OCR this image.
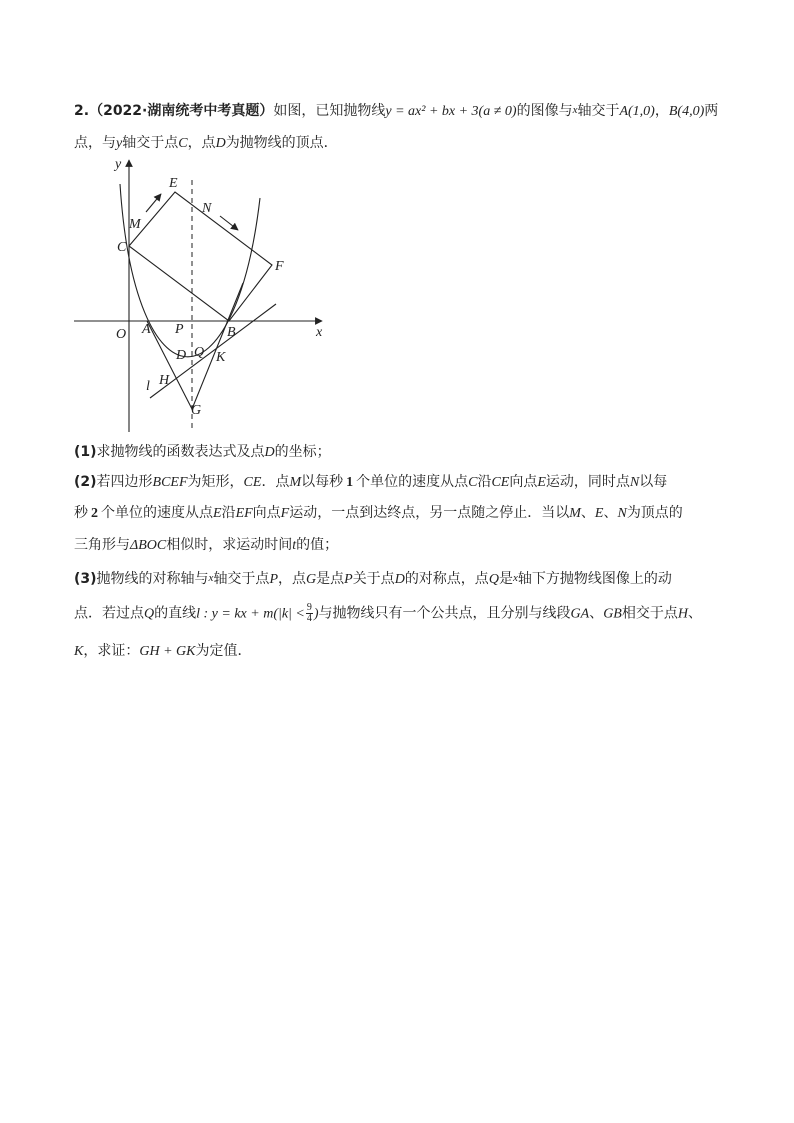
2.（2022·湖南统考中考真题）如图，已知抛物线y = ax² + bx + 3(a ≠ 0)的图像与x轴交于A(1,0)，B(4,0)两
点，与y轴交于点C，点D为抛物线的顶点．
y
x
O A P	B
C
M
E
N
F
D Q K
H
l
G
(1)求抛物线的函数表达式及点D的坐标；
(2)若四边形BCEF为矩形，CE．点M以每秒 1 个单位的速度从点C沿CE向点E运动，同时点N以每
秒 2 个单位的速度从点E沿EF向点F运动，一点到达终点，另一点随之停止．当以M、E、N为顶点的
三角形与ΔBOC相似时，求运动时间t的值；
(3)抛物线的对称轴与x轴交于点P，点G是点P关于点D的对称点，点Q是x轴下方抛物线图像上的动
点．若过点Q的直线l : y = kx + $m(|k| < \frac{9}{4}$ )与抛物线只有一个公共点，且分别与线段GA、GB相交于点H、
K，求证：GH + GK为定值．
